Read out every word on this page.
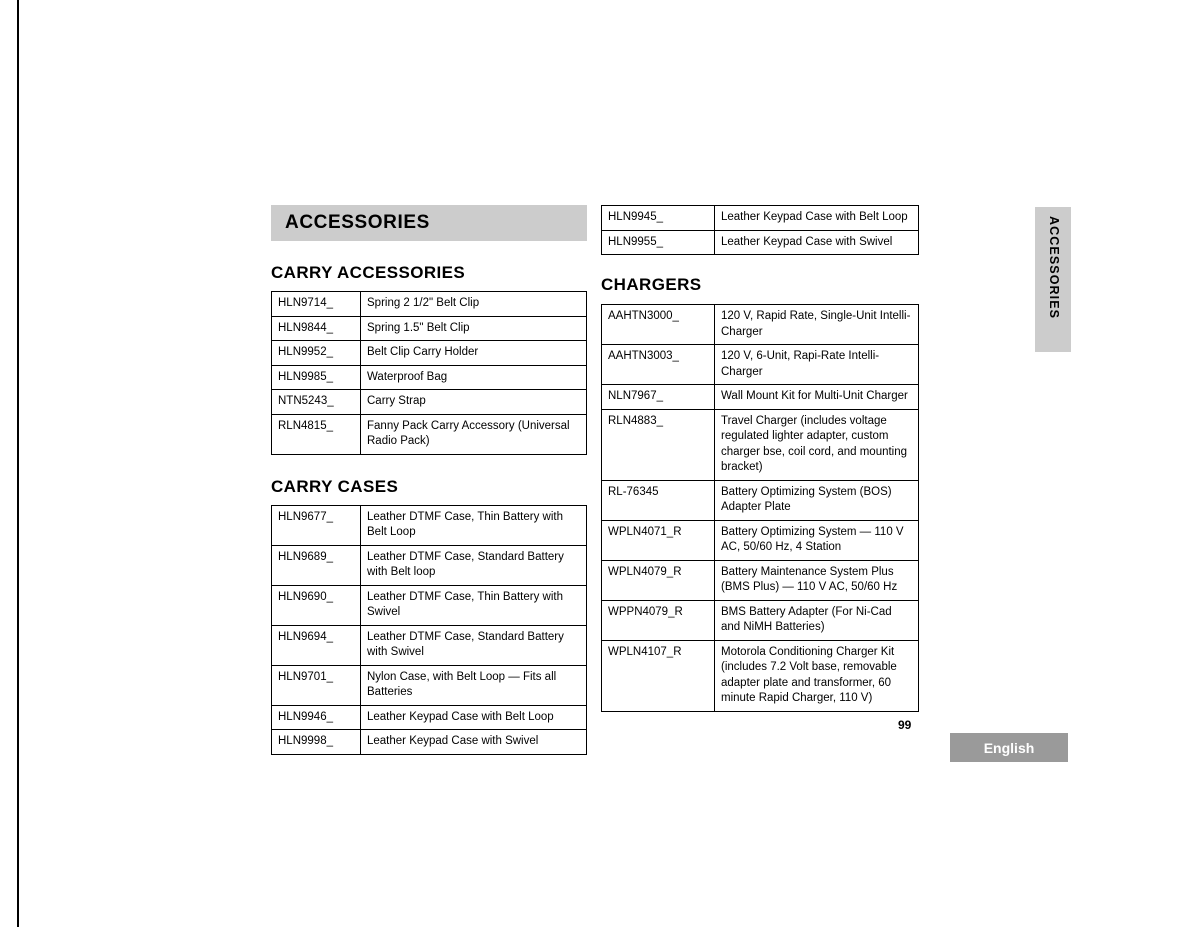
ACCESSORIES
CARRY ACCESSORIES
HLN9714_	Spring 2 1/2" Belt Clip
HLN9844_	Spring 1.5" Belt Clip
HLN9952_	Belt Clip Carry Holder
HLN9985_	Waterproof Bag
NTN5243_	Carry Strap
RLN4815_	Fanny Pack Carry Accessory (Universal Radio Pack)
CARRY CASES
HLN9677_	Leather DTMF Case, Thin Battery with Belt Loop
HLN9689_	Leather DTMF Case, Standard Battery with Belt loop
HLN9690_	Leather DTMF Case, Thin Battery with Swivel
HLN9694_	Leather DTMF Case, Standard Battery with Swivel
HLN9701_	Nylon Case, with Belt Loop — Fits all Batteries
HLN9946_	Leather Keypad Case with Belt Loop
HLN9998_	Leather Keypad Case with Swivel
HLN9945_	Leather Keypad Case with Belt Loop
HLN9955_	Leather Keypad Case with Swivel
CHARGERS
AAHTN3000_	120 V, Rapid Rate, Single-Unit Intelli-Charger
AAHTN3003_	120 V, 6-Unit, Rapi-Rate Intelli-Charger
NLN7967_	Wall Mount Kit for Multi-Unit Charger
RLN4883_	Travel Charger (includes voltage regulated lighter adapter, custom charger bse, coil cord, and mounting bracket)
RL-76345	Battery Optimizing System (BOS) Adapter Plate
WPLN4071_R	Battery Optimizing System — 110 V AC, 50/60 Hz, 4 Station
WPLN4079_R	Battery Maintenance System Plus (BMS Plus) — 110 V AC, 50/60 Hz
WPPN4079_R	BMS Battery Adapter (For Ni-Cad and NiMH Batteries)
WPLN4107_R	Motorola Conditioning Charger Kit (includes 7.2 Volt base, removable adapter plate and transformer, 60 minute Rapid Charger, 110 V)
ACCESSORIES
99
English
